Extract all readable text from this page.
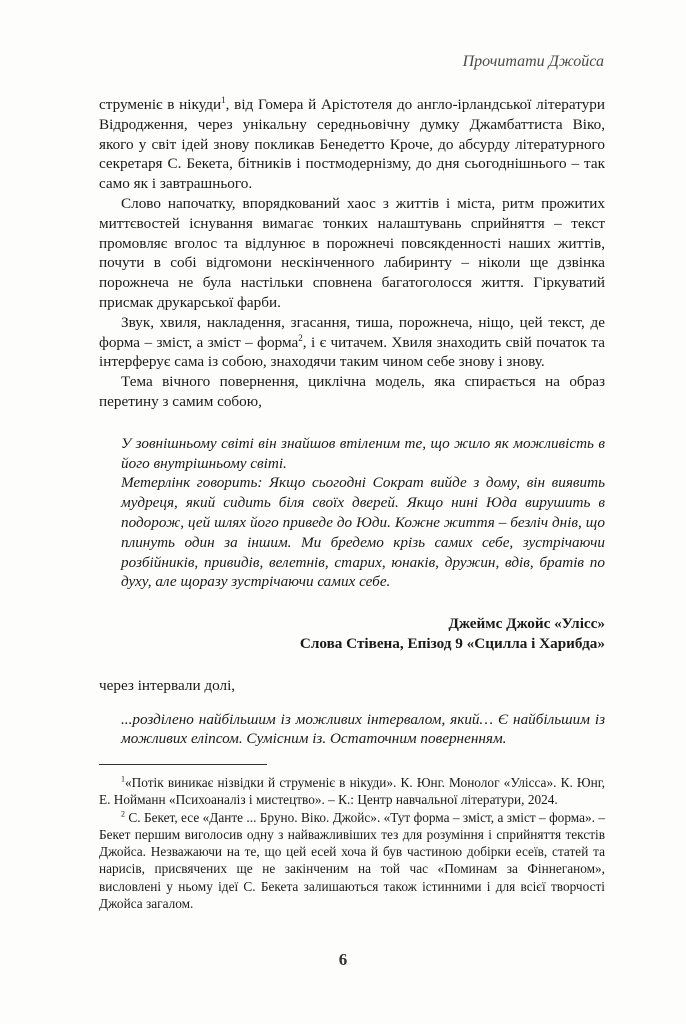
Прочитати Джойса

струменіє в нікуди$^1$, від Гомера й Арістотеля до англо-ірландської літератури Відродження, через унікальну середньовічну думку Джамбаттиста Віко, якого у світ ідей знову покликав Бенедетто Кроче, до абсурду літературного секретаря С. Бекета, бітників і постмодернізму, до дня сьогоднішнього – так само як і завтрашнього.

Слово напочатку, впорядкований хаос з життів і міста, ритм прожитих миттєвостей існування вимагає тонких налаштувань сприйняття – текст промовляє вголос та відлунює в порожнечі повсякденності наших життів, почути в собі відгомони нескінченного лабиринту – ніколи ще дзвінка порожнеча не була настільки сповнена багатоголосся життя. Гіркуватий присмак друкарської фарби.

Звук, хвиля, накладення, згасання, тиша, порожнеча, ніщо, цей текст, де форма – зміст, а зміст – форма$^2$, і є читачем. Хвиля знаходить свій початок та інтерферує сама із собою, знаходячи таким чином себе знову і знову.

Тема вічного повернення, циклічна модель, яка спирається на образ перетину з самим собою,

У зовнішньому світі він знайшов втіленим те, що жило як можливість в його внутрішньому світі.

Метерлінк говорить: Якщо сьогодні Сократ вийде з дому, він виявить мудреця, який сидить біля своїх дверей. Якщо нині Юда вирушить в подорож, цей шлях його приведе до Юди. Кожне життя – безліч днів, що плинуть один за іншим. Ми бредемо крізь самих себе, зустрічаючи розбійників, привидів, велетнів, старих, юнаків, дружин, вдів, братів по духу, але щоразу зустрічаючи самих себе.

Джеймс Джойс «Улісс»

Слова Стівена, Епізод 9 «Сцилла і Харибда»

через інтервали долі,

...розділено найбільшим із можливих інтервалом, який… Є найбільшим із можливих еліпсом. Сумісним із. Остаточним поверненням.

$^1$«Потік виникає нізвідки й струменіє в нікуди». К. Юнг. Монолог «Улісса». К. Юнг, Е. Нойманн «Психоаналіз і мистецтво». – К.: Центр навчальної літератури, 2024.

$^2$ С. Бекет, есе «Данте ... Бруно. Віко. Джойс». «Тут форма – зміст, а зміст – форма». – Бекет першим виголосив одну з найважливіших тез для розуміння і сприйняття текстів Джойса. Незважаючи на те, що цей есей хоча й був частиною добірки есеїв, статей та нарисів, присвячених ще не закінченим на той час «Поминам за Фіннеганом», висловлені у ньому ідеї С. Бекета залишаються також істинними і для всієї творчості Джойса загалом.

6
